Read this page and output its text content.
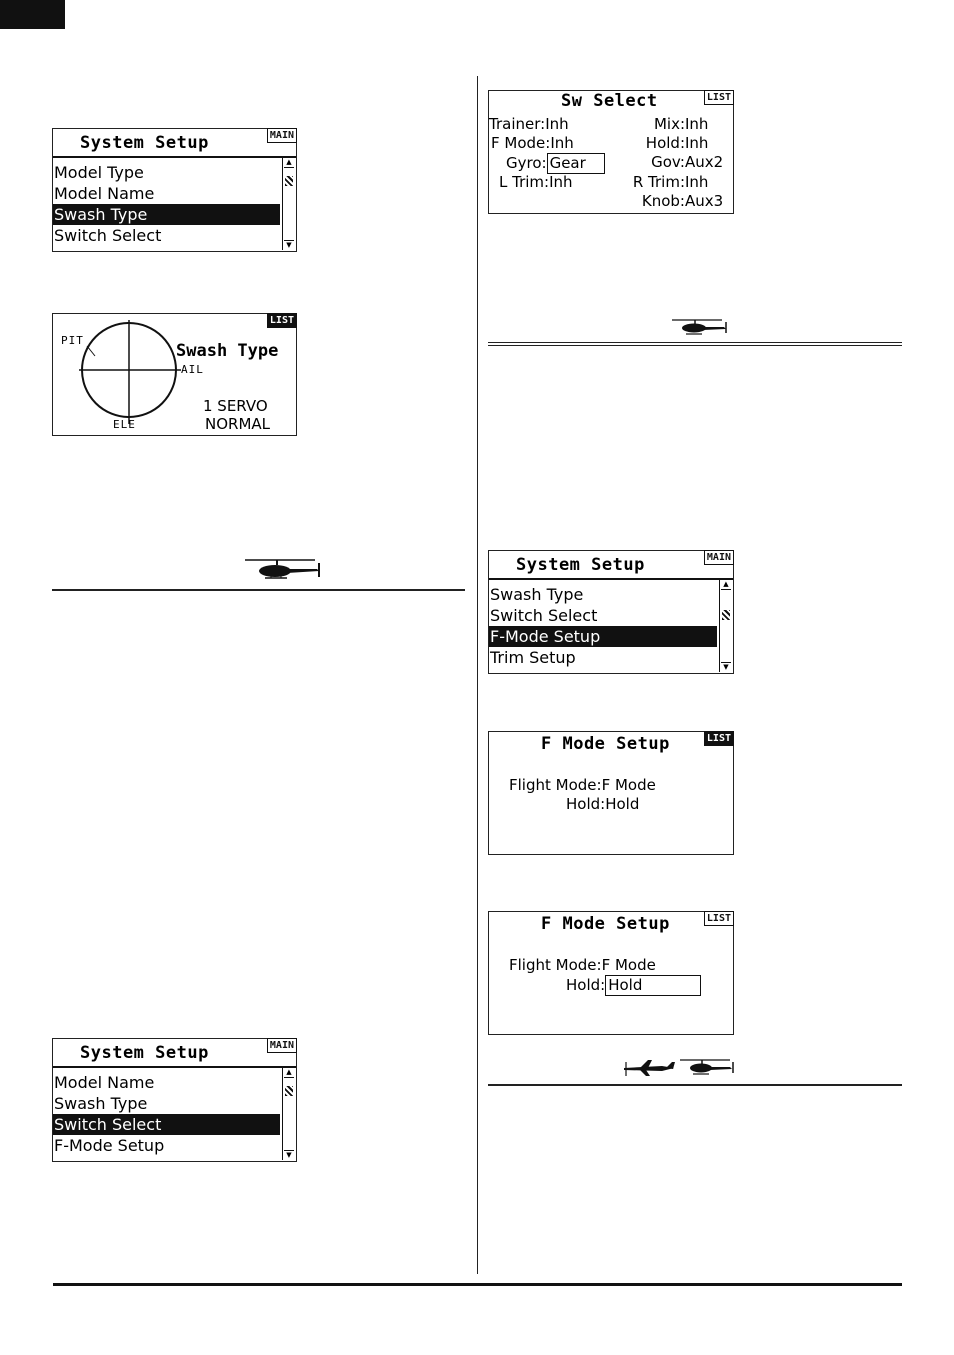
System Setup	MAIN
Model Type
Model Name
Swash Type
Switch Select
▲
▼
LIST
PIT
AIL
ELE
Swash Type
1 SERVO
NORMAL
System Setup	MAIN
Model Name
Swash Type
Switch Select
F-Mode Setup
▲
▼
Sw Select	LIST
Trainer:Inh
F Mode:Inh
Gyro: Gear
L Trim:Inh
Mix:Inh
Hold:Inh
Gov:Aux2
R Trim:Inh
Knob:Aux3
System Setup	MAIN
Swash Type
Switch Select
F-Mode Setup
Trim Setup
▲
▼
F Mode Setup	LIST
Flight Mode:F Mode
Hold:Hold
F Mode Setup	LIST
Flight Mode:F Mode
Hold: Hold
